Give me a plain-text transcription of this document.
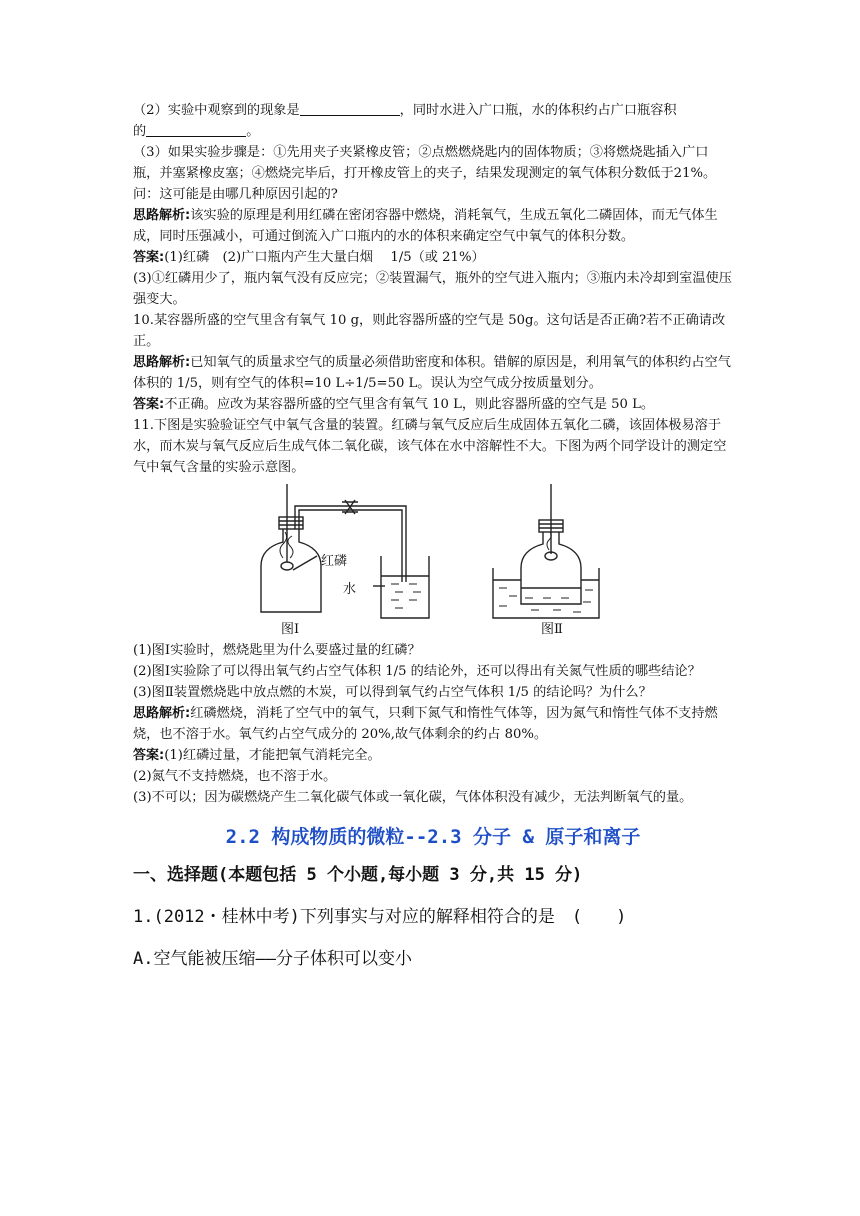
（2）实验中观察到的现象是	，同时水进入广口瓶，水的体积约占广口瓶容积
的	。

（3）如果实验步骤是：①先用夹子夹紧橡皮管；②点燃燃烧匙内的固体物质；③将燃烧匙插入广口瓶，并塞紧橡皮塞；④燃烧完毕后，打开橡皮管上的夹子，结果发现测定的氧气体积分数低于21%。问：这可能是由哪几种原因引起的?

思路解析:该实验的原理是利用红磷在密闭容器中燃烧，消耗氧气，生成五氧化二磷固体，而无气体生成，同时压强减小，可通过倒流入广口瓶内的水的体积来确定空气中氧气的体积分数。

答案:(1)红磷　(2)广口瓶内产生大量白烟　 1/5（或 21%）

(3)①红磷用少了，瓶内氧气没有反应完；②装置漏气，瓶外的空气进入瓶内；③瓶内未冷却到室温使压强变大。

10.某容器所盛的空气里含有氧气 10 g，则此容器所盛的空气是 50g。这句话是否正确?若不正确请改正。

思路解析:已知氧气的质量求空气的质量必须借助密度和体积。错解的原因是，利用氧气的体积约占空气体积的 1/5，则有空气的体积=10 L÷1/5=50 L。误认为空气成分按质量划分。

答案:不正确。应改为某容器所盛的空气里含有氧气 10 L，则此容器所盛的空气是 50 L。

11.下图是实验验证空气中氧气含量的装置。红磷与氧气反应后生成固体五氧化二磷，该固体极易溶于水，而木炭与氧气反应后生成气体二氧化碳，该气体在水中溶解性不大。下图为两个同学设计的测定空气中氧气含量的实验示意图。

红磷
水
图Ⅰ	图Ⅱ

(1)图Ⅰ实验时，燃烧匙里为什么要盛过量的红磷？

(2)图Ⅰ实验除了可以得出氧气约占空气体积 1/5 的结论外，还可以得出有关氮气性质的哪些结论？

(3)图Ⅱ装置燃烧匙中放点燃的木炭，可以得到氧气约占空气体积 1/5 的结论吗？为什么？

思路解析:红磷燃烧，消耗了空气中的氧气，只剩下氮气和惰性气体等，因为氮气和惰性气体不支持燃烧，也不溶于水。氧气约占空气成分的 20%,故气体剩余的约占 80%。

答案:(1)红磷过量，才能把氧气消耗完全。

(2)氮气不支持燃烧，也不溶于水。

(3)不可以；因为碳燃烧产生二氧化碳气体或一氧化碳，气体体积没有减少，无法判断氧气的量。

2.2 构成物质的微粒--2.3 分子 & 原子和离子

一、选择题(本题包括 5 个小题,每小题 3 分,共 15 分)

1.(2012・桂林中考)下列事实与对应的解释相符合的是　(　　)

A.空气能被压缩——分子体积可以变小
